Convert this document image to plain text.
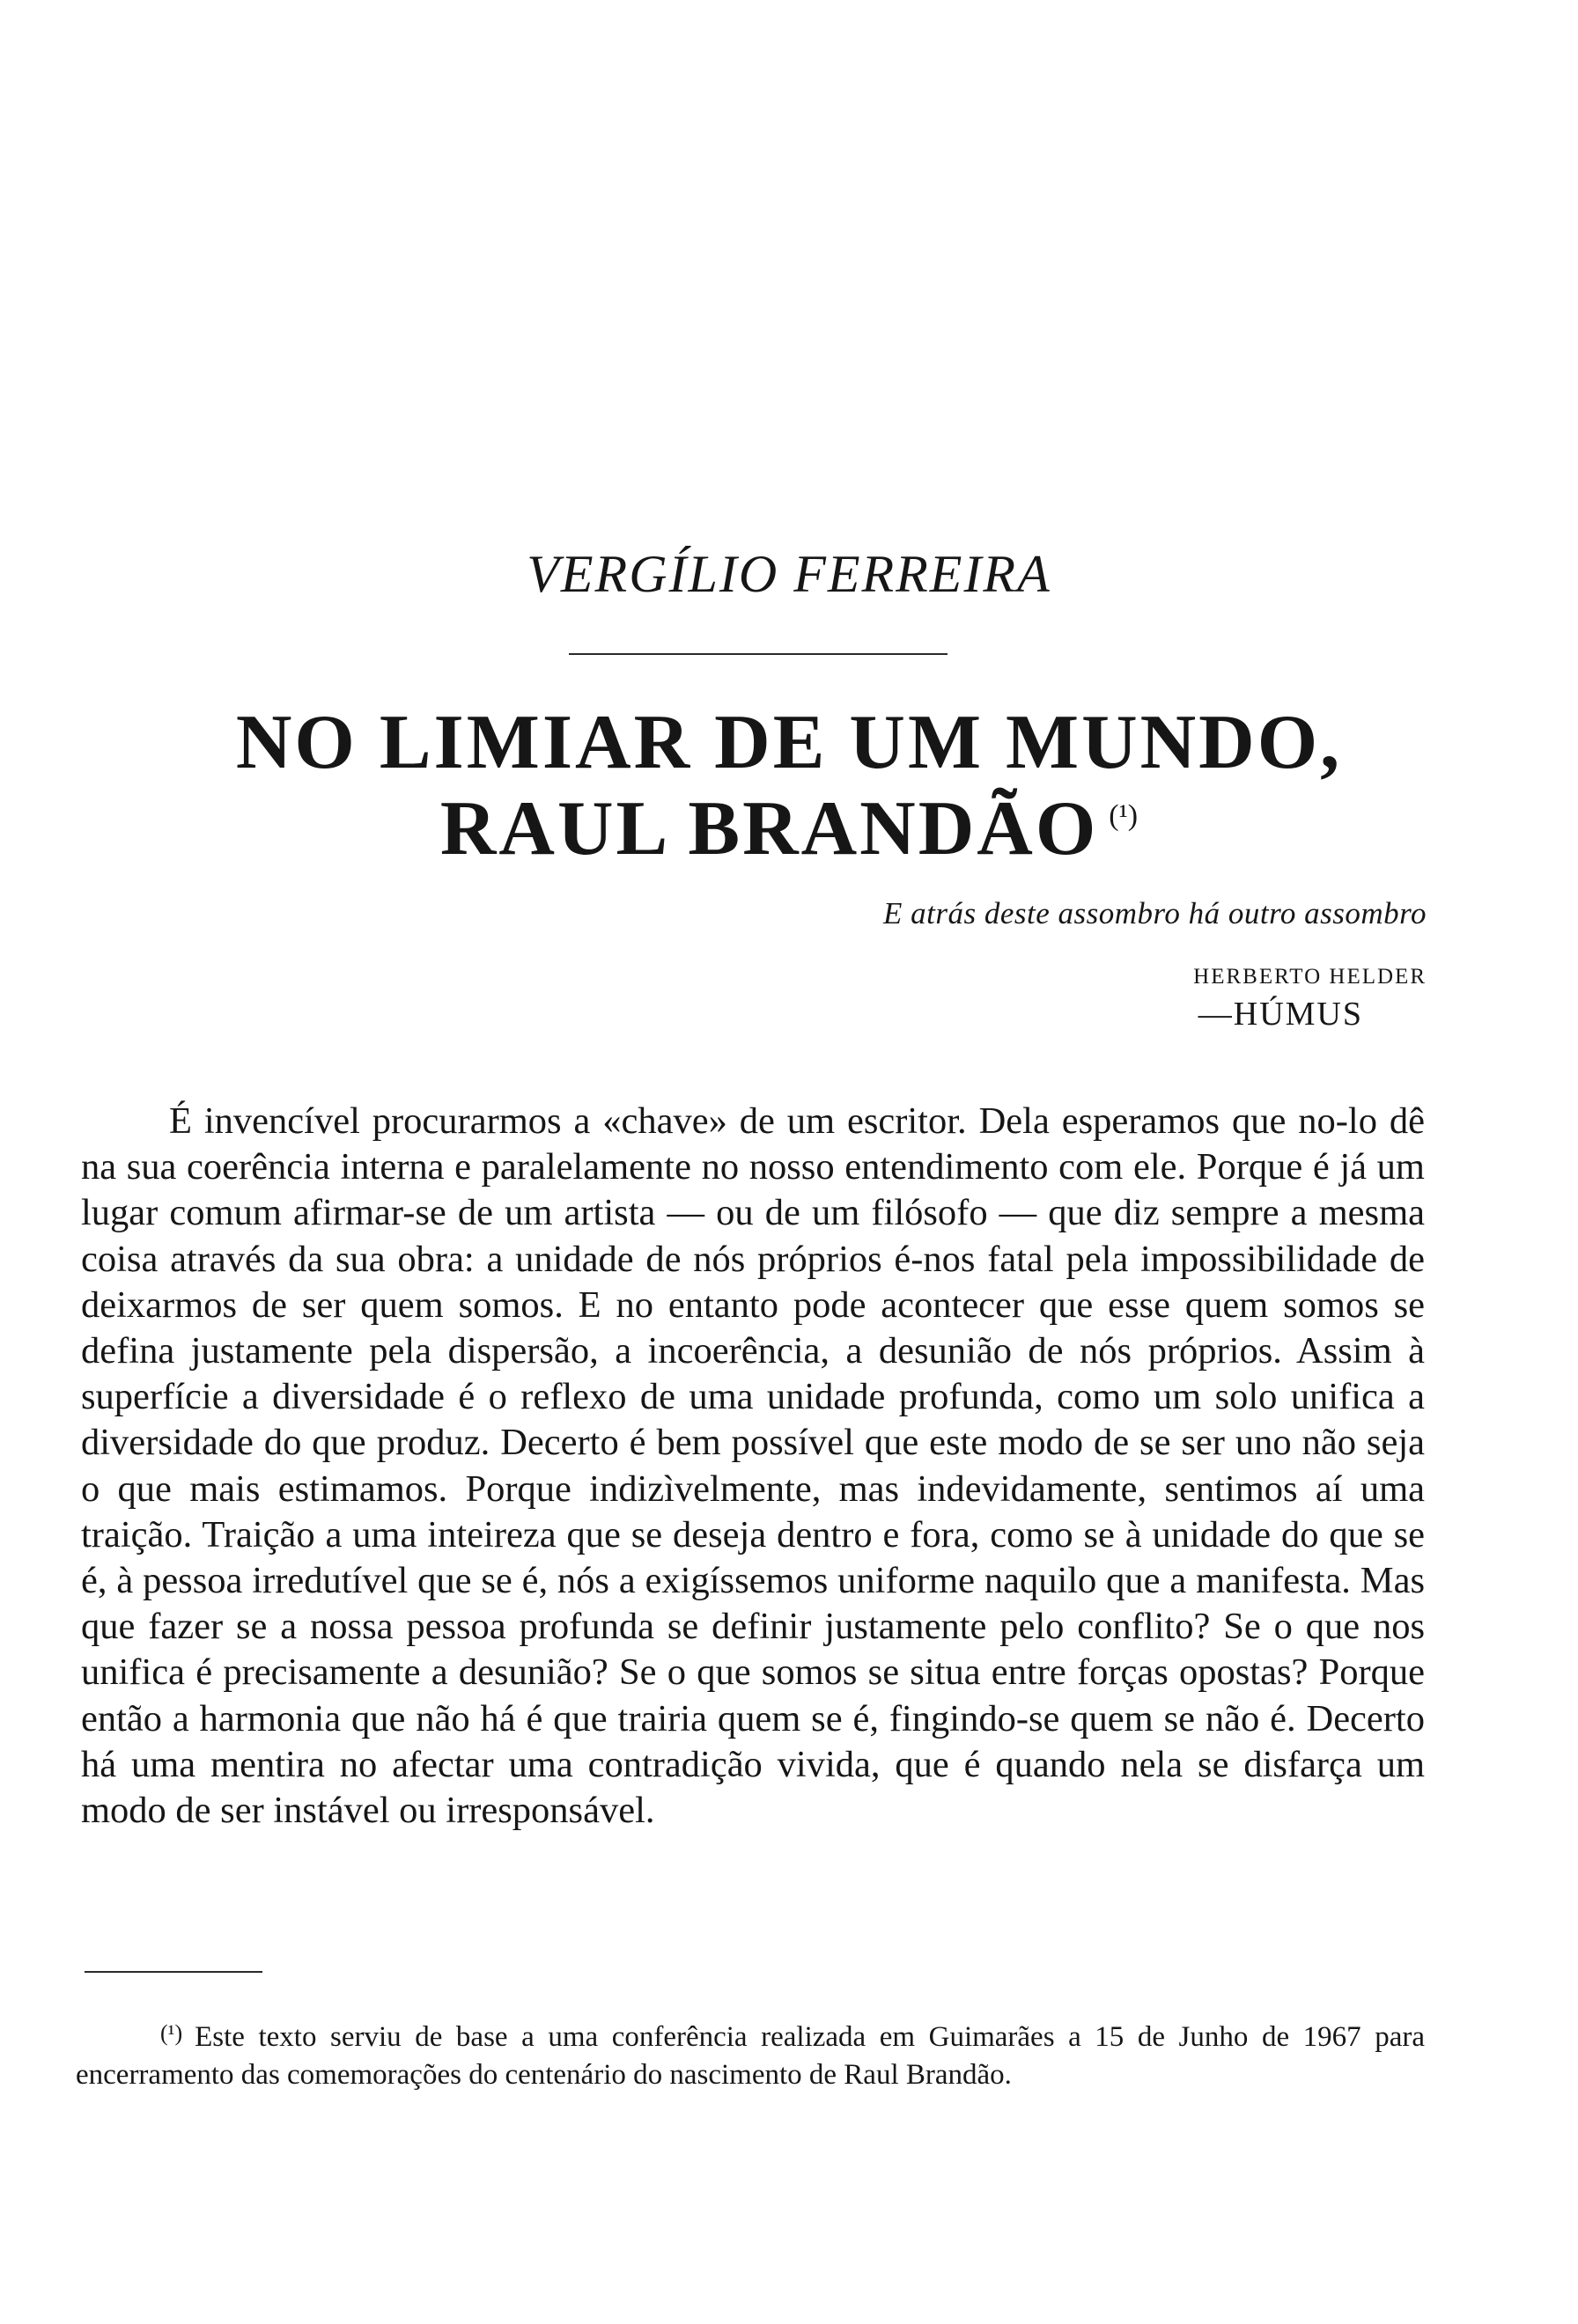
VERGÍLIO FERREIRA
NO LIMIAR DE UM MUNDO,
RAUL BRANDÃO $^{(^1)}$

E atrás deste assombro há outro assombro

HERBERTO HELDER

—HÚMUS

É invencível procurarmos a «chave» de um escritor. Dela esperamos que no-lo dê na sua coerência interna e paralelamente no nosso entendimento com ele. Porque é já um lugar comum afirmar-se de um artista — ou de um filósofo — que diz sempre a mesma coisa através da sua obra: a unidade de nós próprios é-nos fatal pela impossibilidade de deixarmos de ser quem somos. E no entanto pode acontecer que esse quem somos se defina justamente pela dispersão, a incoerência, a desunião de nós próprios. Assim à superfície a diversidade é o reflexo de uma unidade profunda, como um solo unifica a diversidade do que produz. Decerto é bem possível que este modo de se ser uno não seja o que mais estimamos. Porque indizìvelmente, mas indevidamente, sentimos aí uma traição. Traição a uma inteireza que se deseja dentro e fora, como se à unidade do que se é, à pessoa irredutível que se é, nós a exigíssemos uniforme naquilo que a manifesta. Mas que fazer se a nossa pessoa profunda se definir justamente pelo conflito? Se o que nos unifica é precisamente a desunião? Se o que somos se situa entre forças opostas? Porque então a harmonia que não há é que trairia quem se é, fingindo-se quem se não é. Decerto há uma mentira no afectar uma contradição vivida, que é quando nela se disfarça um modo de ser instável ou irresponsável.

(¹) Este texto serviu de base a uma conferência realizada em Guimarães a 15 de Junho de 1967 para encerramento das comemorações do centenário do nascimento de Raul Brandão.
